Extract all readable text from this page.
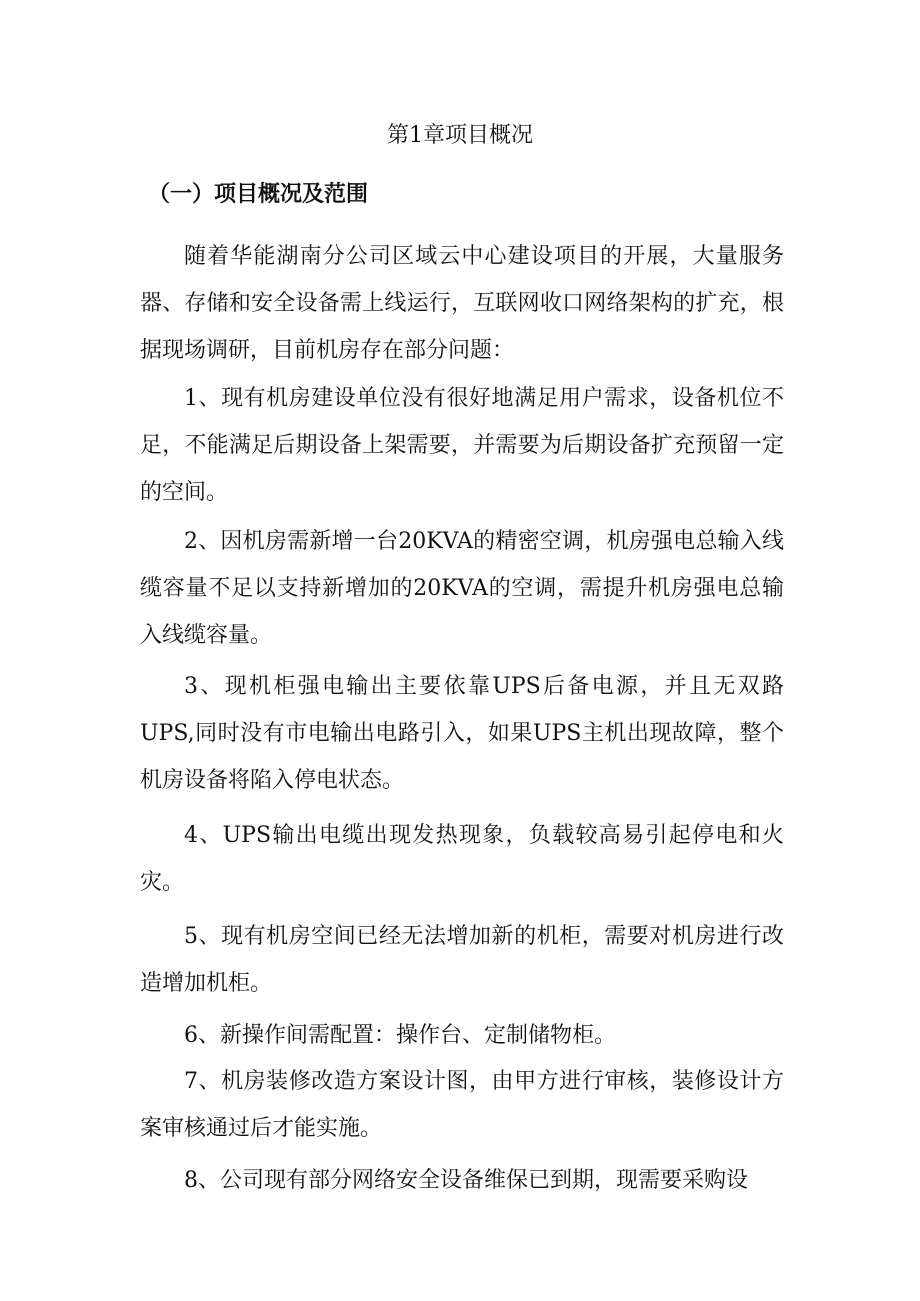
第1章项目概况
（一）项目概况及范围

随着华能湖南分公司区域云中心建设项目的开展，大量服务器、存储和安全设备需上线运行，互联网收口网络架构的扩充，根据现场调研，目前机房存在部分问题：

1、现有机房建设单位没有很好地满足用户需求，设备机位不足，不能满足后期设备上架需要，并需要为后期设备扩充预留一定的空间。

2、因机房需新增一台20KVA的精密空调，机房强电总输入线缆容量不足以支持新增加的20KVA的空调，需提升机房强电总输入线缆容量。

3、现机柜强电输出主要依靠UPS后备电源，并且无双路UPS,同时没有市电输出电路引入，如果UPS主机出现故障，整个机房设备将陷入停电状态。

4、UPS输出电缆出现发热现象，负载较高易引起停电和火灾。

5、现有机房空间已经无法增加新的机柜，需要对机房进行改造增加机柜。

6、新操作间需配置：操作台、定制储物柜。

7、机房装修改造方案设计图，由甲方进行审核，装修设计方案审核通过后才能实施。

8、公司现有部分网络安全设备维保已到期，现需要采购设
